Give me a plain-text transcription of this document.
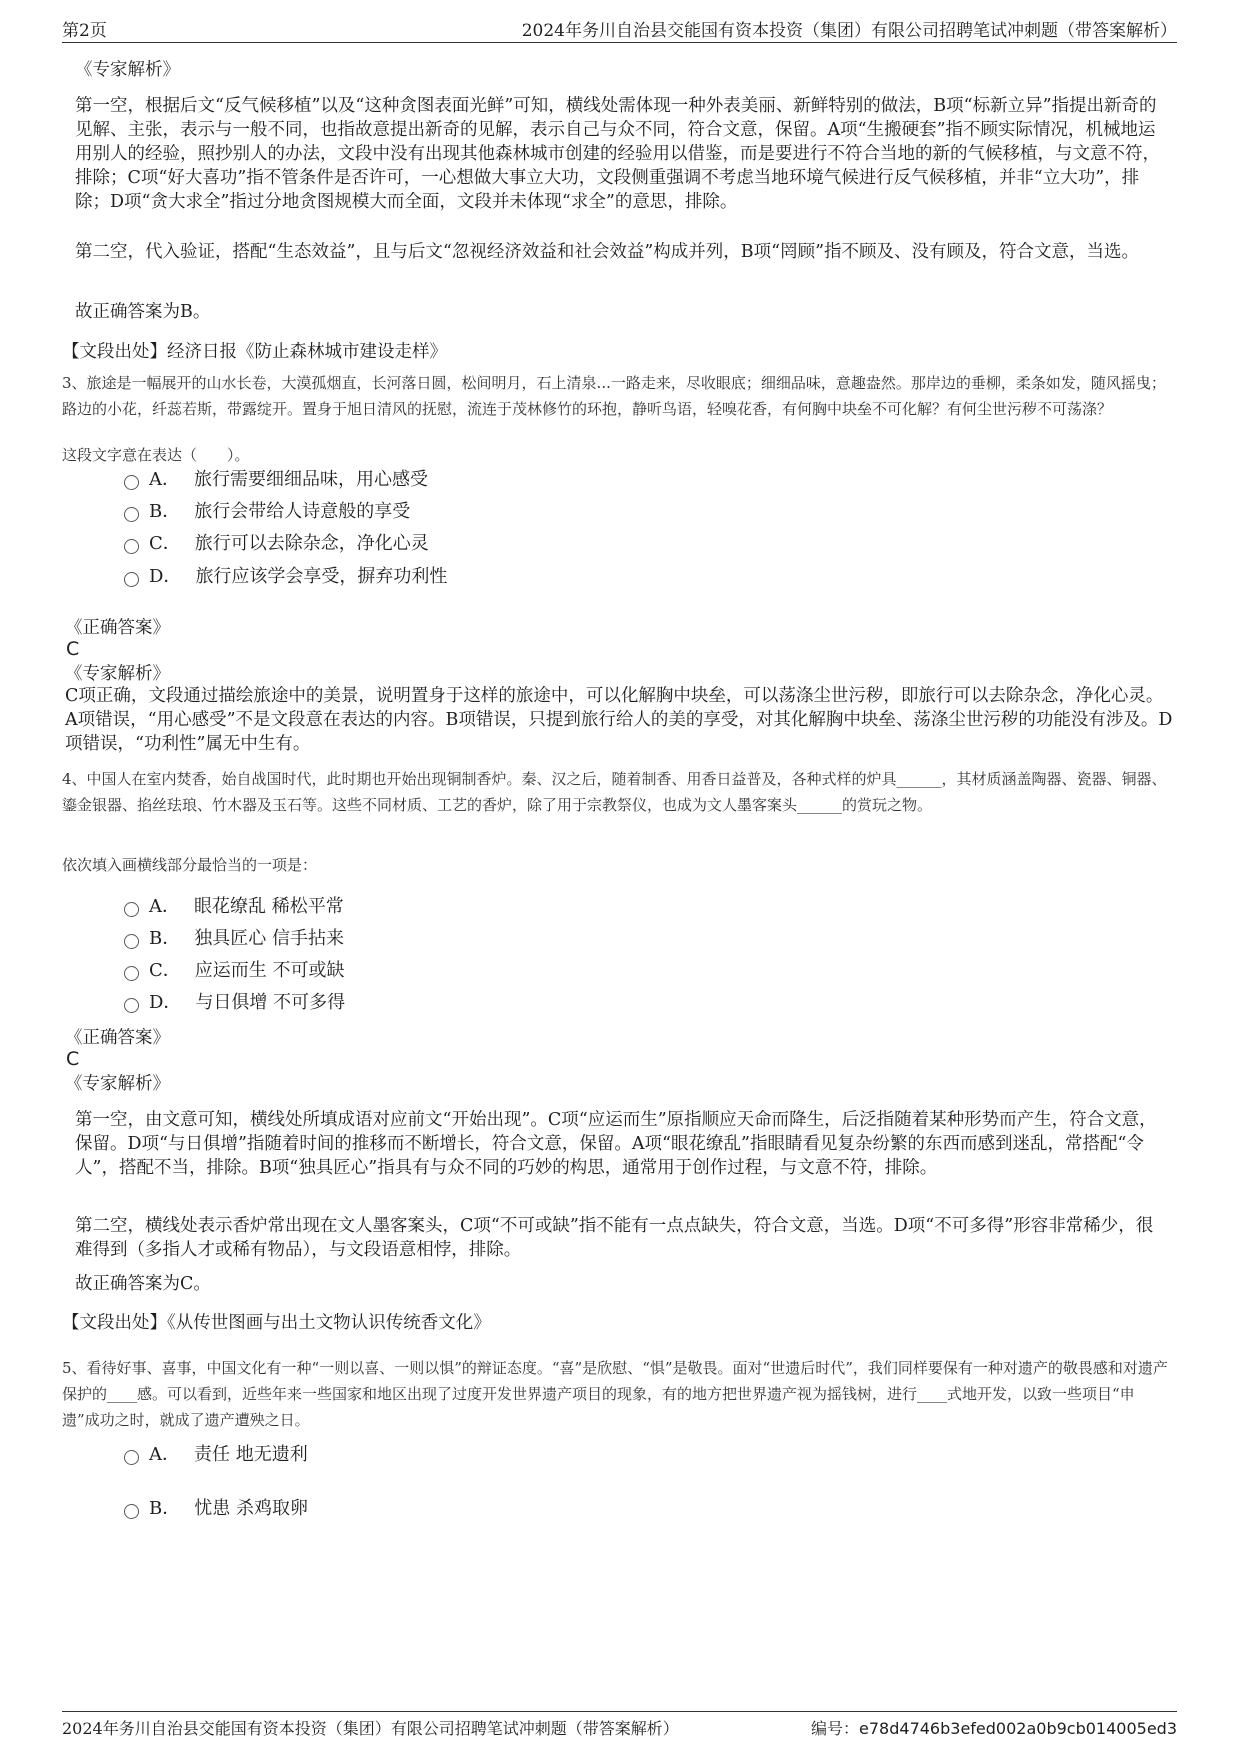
第2页	2024年务川自治县交能国有资本投资（集团）有限公司招聘笔试冲刺题（带答案解析）
《专家解析》
第一空，根据后文“反气候移植”以及“这种贪图表面光鲜”可知，横线处需体现一种外表美丽、新鲜特别的做法，B项“标新立异”指提出新奇的见解、主张，表示与一般不同，也指故意提出新奇的见解，表示自己与众不同，符合文意，保留。A项“生搬硬套”指不顾实际情况，机械地运用别人的经验，照抄别人的办法，文段中没有出现其他森林城市创建的经验用以借鉴，而是要进行不符合当地的新的气候移植，与文意不符，排除；C项“好大喜功”指不管条件是否许可，一心想做大事立大功，文段侧重强调不考虑当地环境气候进行反气候移植，并非“立大功”，排除；D项“贪大求全”指过分地贪图规模大而全面，文段并未体现“求全”的意思，排除。
第二空，代入验证，搭配“生态效益”，且与后文“忽视经济效益和社会效益”构成并列，B项“罔顾”指不顾及、没有顾及，符合文意，当选。
故正确答案为B。
【文段出处】经济日报《防止森林城市建设走样》
3、旅途是一幅展开的山水长卷，大漠孤烟直，长河落日圆，松间明月，石上清泉...一路走来，尽收眼底；细细品味，意趣盎然。那岸边的垂柳，柔条如发，随风摇曳；路边的小花，纤蕊若斯，带露绽开。置身于旭日清风的抚慰，流连于茂林修竹的环抱，静听鸟语，轻嗅花香，有何胸中块垒不可化解？有何尘世污秽不可荡涤？
这段文字意在表达（　　）。
A． 旅行需要细细品味，用心感受
B． 旅行会带给人诗意般的享受
C． 旅行可以去除杂念，净化心灵
D． 旅行应该学会享受，摒弃功利性
《正确答案》
C
《专家解析》
C项正确，文段通过描绘旅途中的美景，说明置身于这样的旅途中，可以化解胸中块垒，可以荡涤尘世污秽，即旅行可以去除杂念，净化心灵。A项错误，“用心感受”不是文段意在表达的内容。B项错误，只提到旅行给人的美的享受，对其化解胸中块垒、荡涤尘世污秽的功能没有涉及。D项错误，“功利性”属无中生有。
4、中国人在室内焚香，始自战国时代，此时期也开始出现铜制香炉。秦、汉之后，随着制香、用香日益普及，各种式样的炉具______，其材质涵盖陶器、瓷器、铜器、鎏金银器、掐丝珐琅、竹木器及玉石等。这些不同材质、工艺的香炉，除了用于宗教祭仪，也成为文人墨客案头______的赏玩之物。
依次填入画横线部分最恰当的一项是：
A． 眼花缭乱 稀松平常
B． 独具匠心 信手拈来
C． 应运而生 不可或缺
D． 与日俱增 不可多得
《正确答案》
C
《专家解析》
第一空，由文意可知，横线处所填成语对应前文“开始出现”。C项“应运而生”原指顺应天命而降生，后泛指随着某种形势而产生，符合文意，保留。D项“与日俱增”指随着时间的推移而不断增长，符合文意，保留。A项“眼花缭乱”指眼睛看见复杂纷繁的东西而感到迷乱，常搭配“令人”，搭配不当，排除。B项“独具匠心”指具有与众不同的巧妙的构思，通常用于创作过程，与文意不符，排除。
第二空，横线处表示香炉常出现在文人墨客案头，C项“不可或缺”指不能有一点点缺失，符合文意，当选。D项“不可多得”形容非常稀少，很难得到（多指人才或稀有物品），与文段语意相悖，排除。
故正确答案为C。
【文段出处】《从传世图画与出土文物认识传统香文化》
5、看待好事、喜事，中国文化有一种“一则以喜、一则以惧”的辩证态度。“喜”是欣慰、“惧”是敬畏。面对“世遗后时代”，我们同样要保有一种对遗产的敬畏感和对遗产保护的____感。可以看到，近些年来一些国家和地区出现了过度开发世界遗产项目的现象，有的地方把世界遗产视为摇钱树，进行____式地开发，以致一些项目“申遗”成功之时，就成了遗产遭殃之日。
A． 责任 地无遗利
B． 忧患 杀鸡取卵
2024年务川自治县交能国有资本投资（集团）有限公司招聘笔试冲刺题（带答案解析）	编号：e78d4746b3efed002a0b9cb014005ed3
